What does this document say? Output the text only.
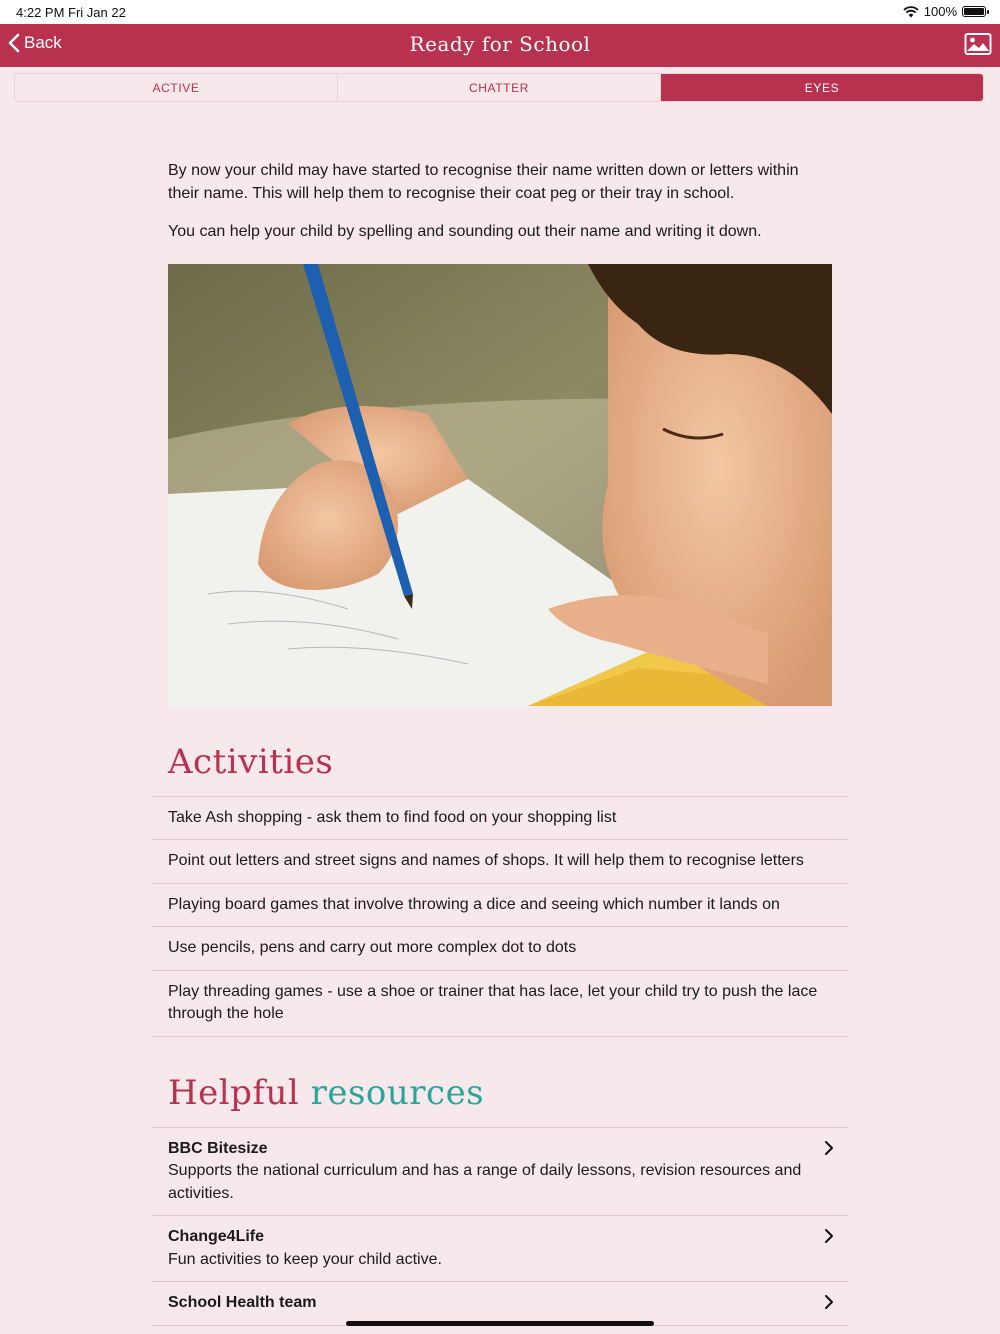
4:22 PM Fri Jan 22	100%
Back	Ready for School
ACTIVE	CHATTER	EYES

By now your child may have started to recognise their name written down or letters within their name. This will help them to recognise their coat peg or their tray in school.

You can help your child by spelling and sounding out their name and writing it down.

Activities
Take Ash shopping - ask them to find food on your shopping list
Point out letters and street signs and names of shops. It will help them to recognise letters
Playing board games that involve throwing a dice and seeing which number it lands on
Use pencils, pens and carry out more complex dot to dots
Play threading games - use a shoe or trainer that has lace, let your child try to push the lace through the hole
Helpful resources
BBC Bitesize
Supports the national curriculum and has a range of daily lessons, revision resources and activities.
Change4Life
Fun activities to keep your child active.
School Health team
